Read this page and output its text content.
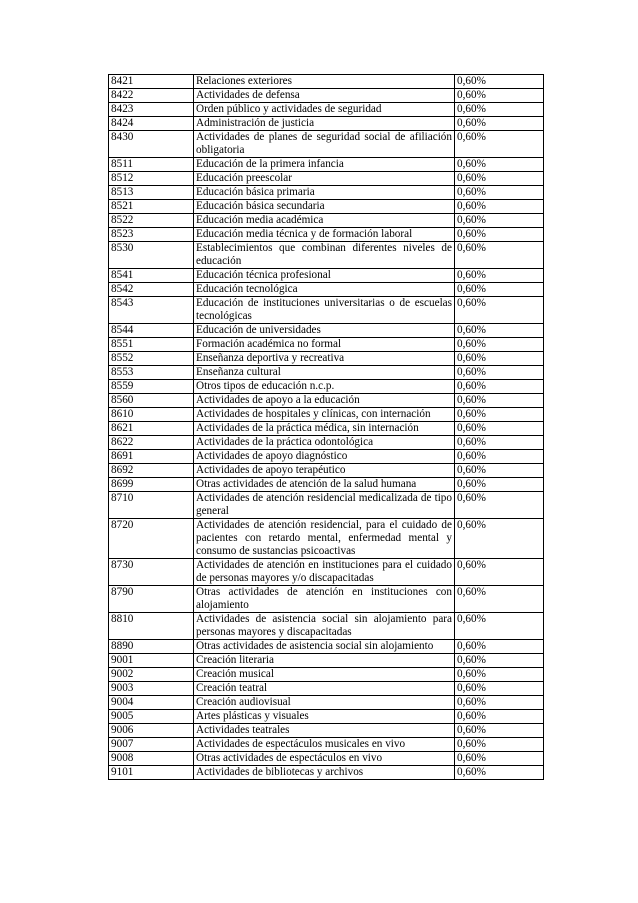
8421	Relaciones exteriores	0,60%
8422	Actividades de defensa	0,60%
8423	Orden público y actividades de seguridad	0,60%
8424	Administración de justicia	0,60%
8430	Actividades de planes de seguridad social de afiliación obligatoria	0,60%
8511	Educación de la primera infancia	0,60%
8512	Educación preescolar	0,60%
8513	Educación básica primaria	0,60%
8521	Educación básica secundaria	0,60%
8522	Educación media académica	0,60%
8523	Educación media técnica y de formación laboral	0,60%
8530	Establecimientos que combinan diferentes niveles de educación	0,60%
8541	Educación técnica profesional	0,60%
8542	Educación tecnológica	0,60%
8543	Educación de instituciones universitarias o de escuelas tecnológicas	0,60%
8544	Educación de universidades	0,60%
8551	Formación académica no formal	0,60%
8552	Enseñanza deportiva y recreativa	0,60%
8553	Enseñanza cultural	0,60%
8559	Otros tipos de educación n.c.p.	0,60%
8560	Actividades de apoyo a la educación	0,60%
8610	Actividades de hospitales y clínicas, con internación	0,60%
8621	Actividades de la práctica médica, sin internación	0,60%
8622	Actividades de la práctica odontológica	0,60%
8691	Actividades de apoyo diagnóstico	0,60%
8692	Actividades de apoyo terapéutico	0,60%
8699	Otras actividades de atención de la salud humana	0,60%
8710	Actividades de atención residencial medicalizada de tipo general	0,60%
8720	Actividades de atención residencial, para el cuidado de pacientes con retardo mental, enfermedad mental y consumo de sustancias psicoactivas	0,60%
8730	Actividades de atención en instituciones para el cuidado de personas mayores y/o discapacitadas	0,60%
8790	Otras actividades de atención en instituciones con alojamiento	0,60%
8810	Actividades de asistencia social sin alojamiento para personas mayores y discapacitadas	0,60%
8890	Otras actividades de asistencia social sin alojamiento	0,60%
9001	Creación literaria	0,60%
9002	Creación musical	0,60%
9003	Creación teatral	0,60%
9004	Creación audiovisual	0,60%
9005	Artes plásticas y visuales	0,60%
9006	Actividades teatrales	0,60%
9007	Actividades de espectáculos musicales en vivo	0,60%
9008	Otras actividades de espectáculos en vivo	0,60%
9101	Actividades de bibliotecas y archivos	0,60%
